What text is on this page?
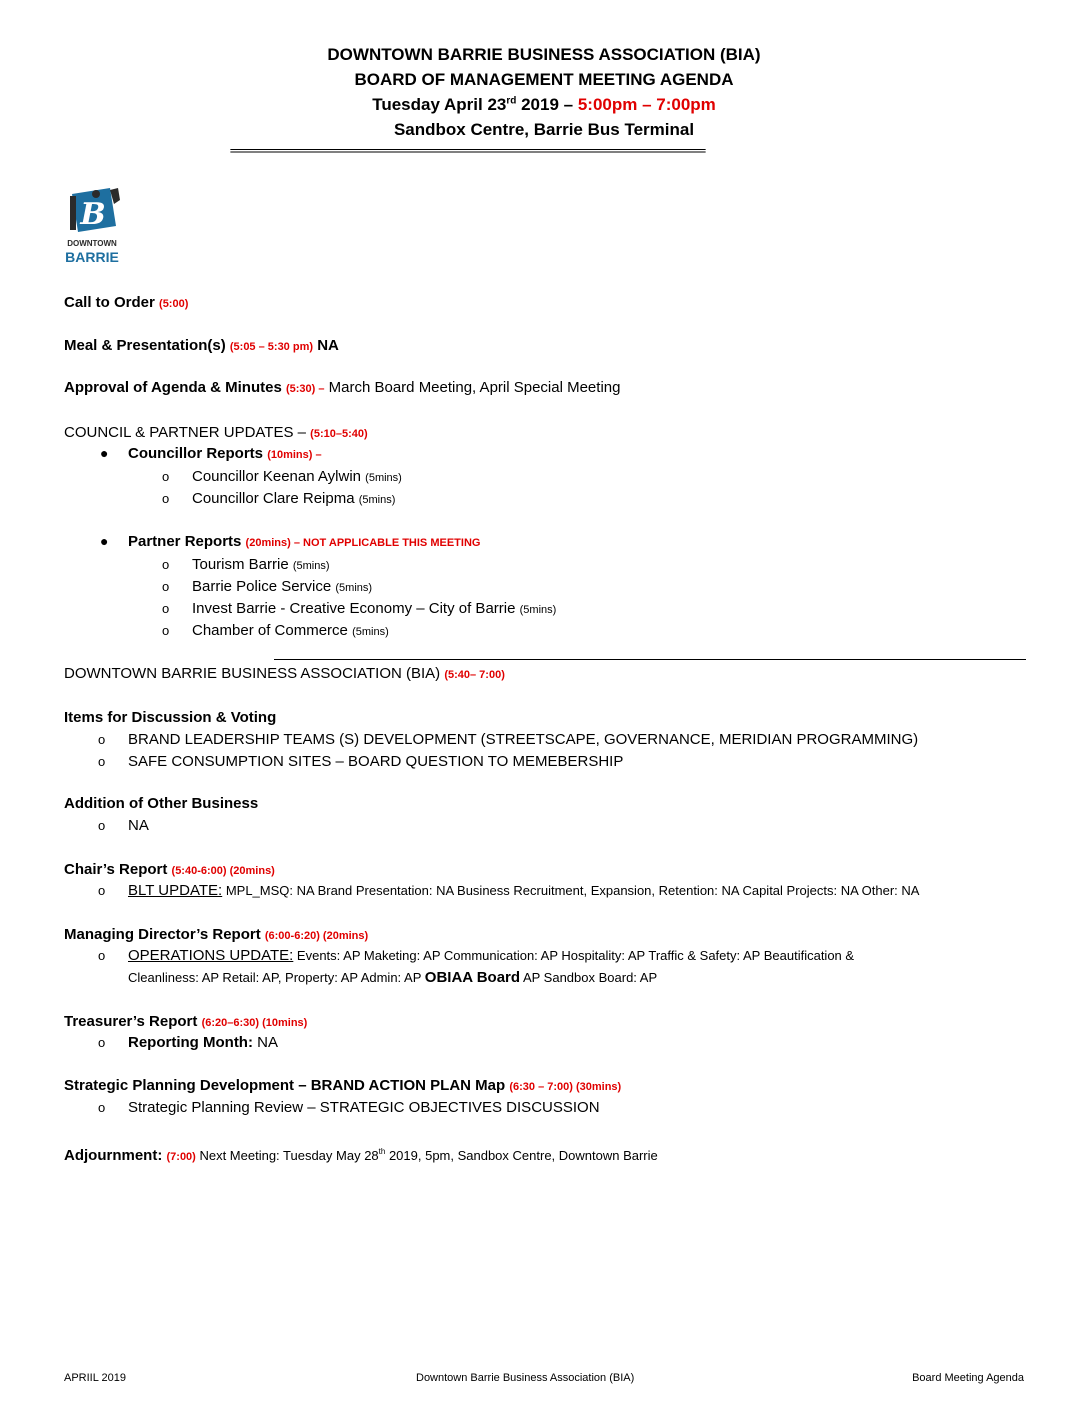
DOWNTOWN BARRIE BUSINESS ASSOCIATION (BIA)
BOARD OF MANAGEMENT MEETING AGENDA
Tuesday April 23rd 2019 – 5:00pm – 7:00pm
Sandbox Centre, Barrie Bus Terminal
========================================================================================================================
B
DOWNTOWN
BARRIE
Call to Order (5:00)
Meal & Presentation(s) (5:05 – 5:30 pm) NA
Approval of Agenda & Minutes (5:30) – March Board Meeting, April Special Meeting
COUNCIL & PARTNER UPDATES – (5:10–5:40)
● Councillor Reports (10mins) –
o Councillor Keenan Aylwin (5mins)
o Councillor Clare Reipma (5mins)
● Partner Reports (20mins) – NOT APPLICABLE THIS MEETING
o Tourism Barrie (5mins)
o Barrie Police Service (5mins)
o Invest Barrie - Creative Economy – City of Barrie (5mins)
o Chamber of Commerce (5mins)
DOWNTOWN BARRIE BUSINESS ASSOCIATION (BIA) (5:40– 7:00)
Items for Discussion & Voting
o BRAND LEADERSHIP TEAMS (S) DEVELOPMENT (STREETSCAPE, GOVERNANCE, MERIDIAN PROGRAMMING)
o SAFE CONSUMPTION SITES – BOARD QUESTION TO MEMEBERSHIP
Addition of Other Business
o NA
Chair’s Report (5:40-6:00) (20mins)
o BLT UPDATE: MPL_MSQ: NA Brand Presentation: NA Business Recruitment, Expansion, Retention: NA Capital Projects: NA Other: NA
Managing Director’s Report (6:00-6:20) (20mins)
o OPERATIONS UPDATE: Events: AP Maketing: AP Communication: AP Hospitality: AP Traffic & Safety: AP Beautification &
Cleanliness: AP Retail: AP, Property: AP Admin: AP OBIAA Board AP Sandbox Board: AP
Treasurer’s Report (6:20–6:30) (10mins)
o Reporting Month: NA
Strategic Planning Development – BRAND ACTION PLAN Map (6:30 – 7:00) (30mins)
o Strategic Planning Review – STRATEGIC OBJECTIVES DISCUSSION
Adjournment: (7:00) Next Meeting: Tuesday May 28th 2019, 5pm, Sandbox Centre, Downtown Barrie
APRIIL 2019	Downtown Barrie Business Association (BIA)	Board Meeting Agenda
